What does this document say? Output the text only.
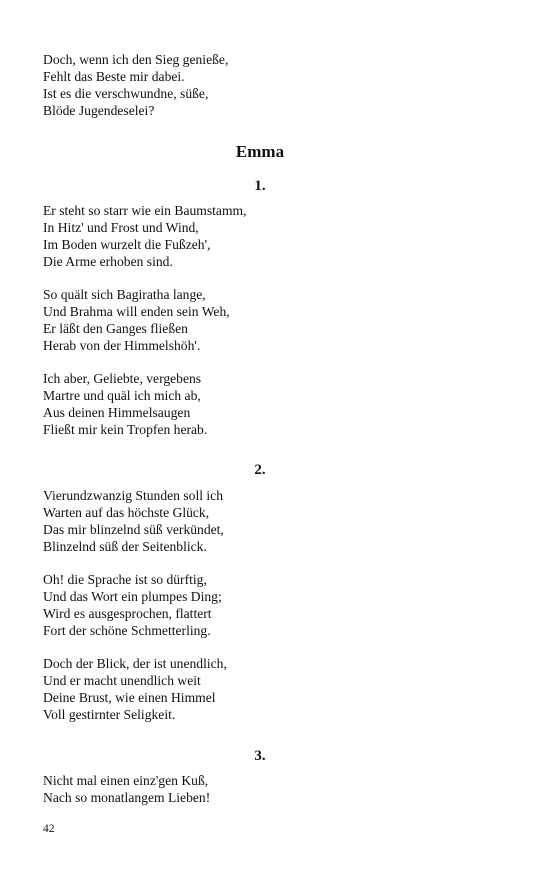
Doch, wenn ich den Sieg genieße,
Fehlt das Beste mir dabei.
Ist es die verschwundne, süße,
Blöde Jugendeselei?
Emma
1.
Er steht so starr wie ein Baumstamm,
In Hitz' und Frost und Wind,
Im Boden wurzelt die Fußzeh',
Die Arme erhoben sind.
So quält sich Bagiratha lange,
Und Brahma will enden sein Weh,
Er läßt den Ganges fließen
Herab von der Himmelshöh'.
Ich aber, Geliebte, vergebens
Martre und quäl ich mich ab,
Aus deinen Himmelsaugen
Fließt mir kein Tropfen herab.
2.
Vierundzwanzig Stunden soll ich
Warten auf das höchste Glück,
Das mir blinzelnd süß verkündet,
Blinzelnd süß der Seitenblick.
Oh! die Sprache ist so dürftig,
Und das Wort ein plumpes Ding;
Wird es ausgesprochen, flattert
Fort der schöne Schmetterling.
Doch der Blick, der ist unendlich,
Und er macht unendlich weit
Deine Brust, wie einen Himmel
Voll gestirnter Seligkeit.
3.
Nicht mal einen einz'gen Kuß,
Nach so monatlangem Lieben!
42
